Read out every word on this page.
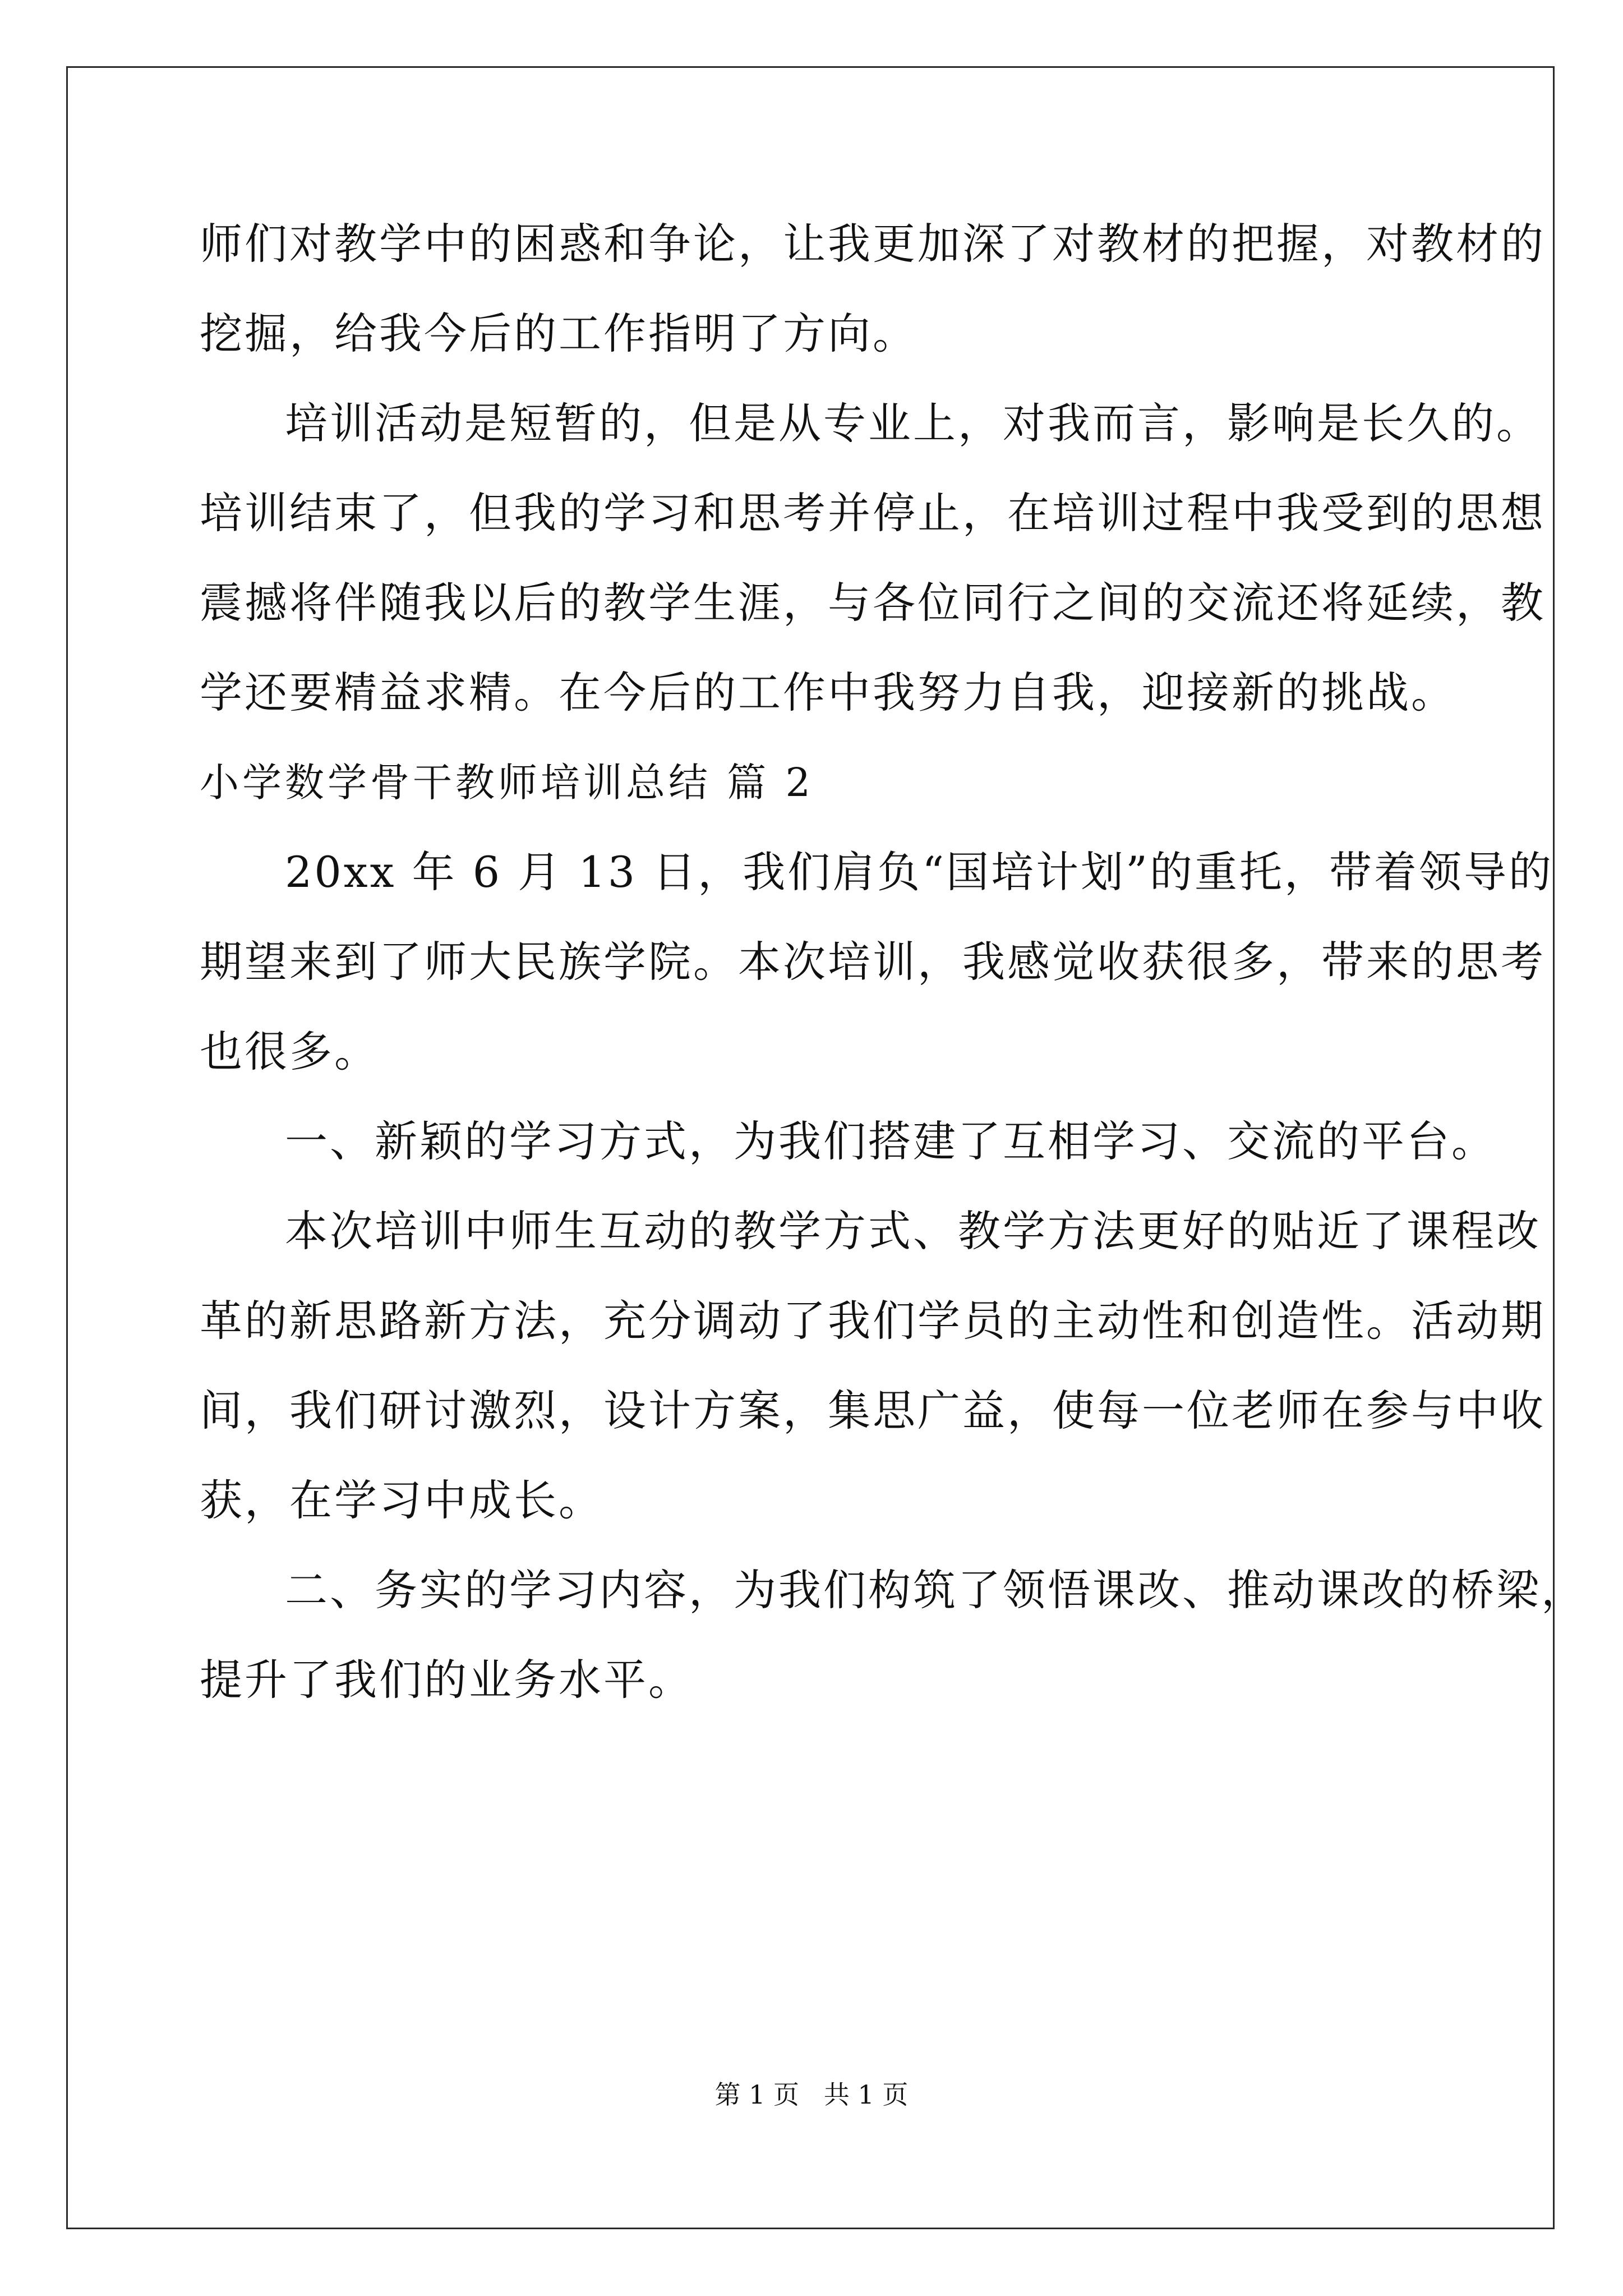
师们对教学中的困惑和争论，让我更加深了对教材的把握，对教材的
挖掘，给我今后的工作指明了方向。
培训活动是短暂的，但是从专业上，对我而言，影响是长久的。
培训结束了，但我的学习和思考并停止，在培训过程中我受到的思想
震撼将伴随我以后的教学生涯，与各位同行之间的交流还将延续，教
学还要精益求精。在今后的工作中我努力自我，迎接新的挑战。
小学数学骨干教师培训总结 篇 2
20xx 年 6 月 13 日，我们肩负“国培计划”的重托，带着领导的
期望来到了师大民族学院。本次培训，我感觉收获很多，带来的思考
也很多。
一、新颖的学习方式，为我们搭建了互相学习、交流的平台。
本次培训中师生互动的教学方式、教学方法更好的贴近了课程改
革的新思路新方法，充分调动了我们学员的主动性和创造性。活动期
间，我们研讨激烈，设计方案，集思广益，使每一位老师在参与中收
获，在学习中成长。
二、务实的学习内容，为我们构筑了领悟课改、推动课改的桥梁，
提升了我们的业务水平。
第 1 页   共 1 页
